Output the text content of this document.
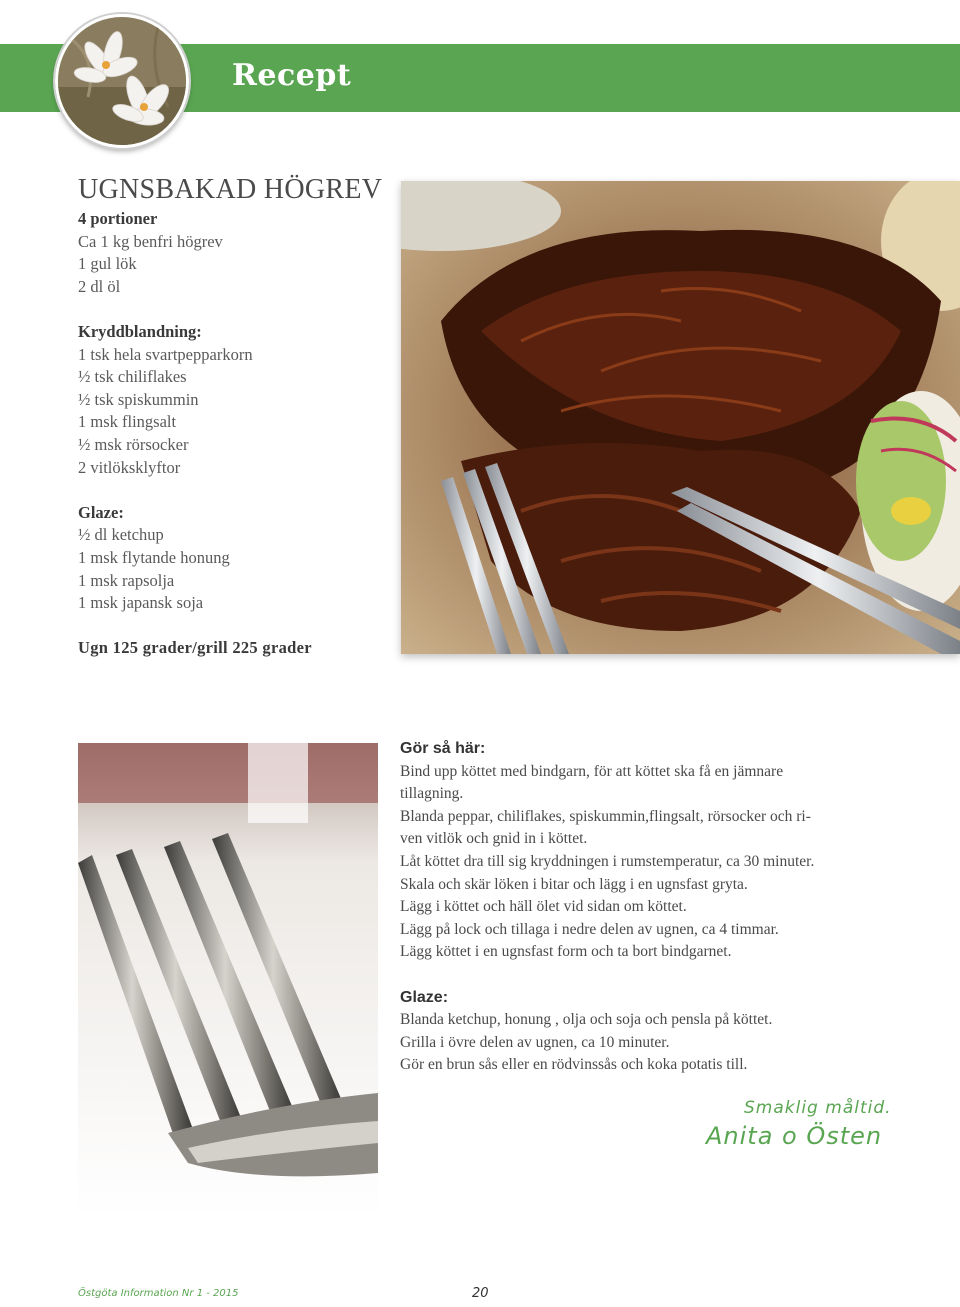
Recept
UGNSBAKAD HÖGREV
4 portioner
Ca 1 kg benfri högrev
1 gul lök
2 dl öl
Kryddblandning:
1 tsk hela svartpepparkorn
½ tsk chiliflakes
½ tsk spiskummin
1 msk flingsalt
½ msk rörsocker
2 vitlöksklyftor
Glaze:
½ dl ketchup
1 msk flytande honung
1 msk rapsolja
1 msk japansk soja
Ugn 125 grader/grill 225 grader
Gör så här:
Bind upp köttet med bindgarn, för att köttet ska få en jämnare
tillagning.
Blanda peppar, chiliflakes, spiskummin,flingsalt, rörsocker och ri-
ven vitlök och gnid in i köttet.
Låt köttet dra till sig kryddningen i rumstemperatur, ca 30 minuter.
Skala och skär löken i bitar och lägg i en ugnsfast gryta.
Lägg i köttet och häll ölet vid sidan om köttet.
Lägg på lock och tillaga i nedre delen av ugnen, ca 4 timmar.
Lägg köttet i en ugnsfast form och ta bort bindgarnet.
Glaze:
Blanda ketchup, honung , olja och soja och pensla på köttet.
Grilla i övre delen av ugnen, ca 10 minuter.
Gör en brun sås eller en rödvinssås och koka potatis till.
Smaklig måltid.
Anita o Östen
Östgöta Information Nr 1 - 2015	20
